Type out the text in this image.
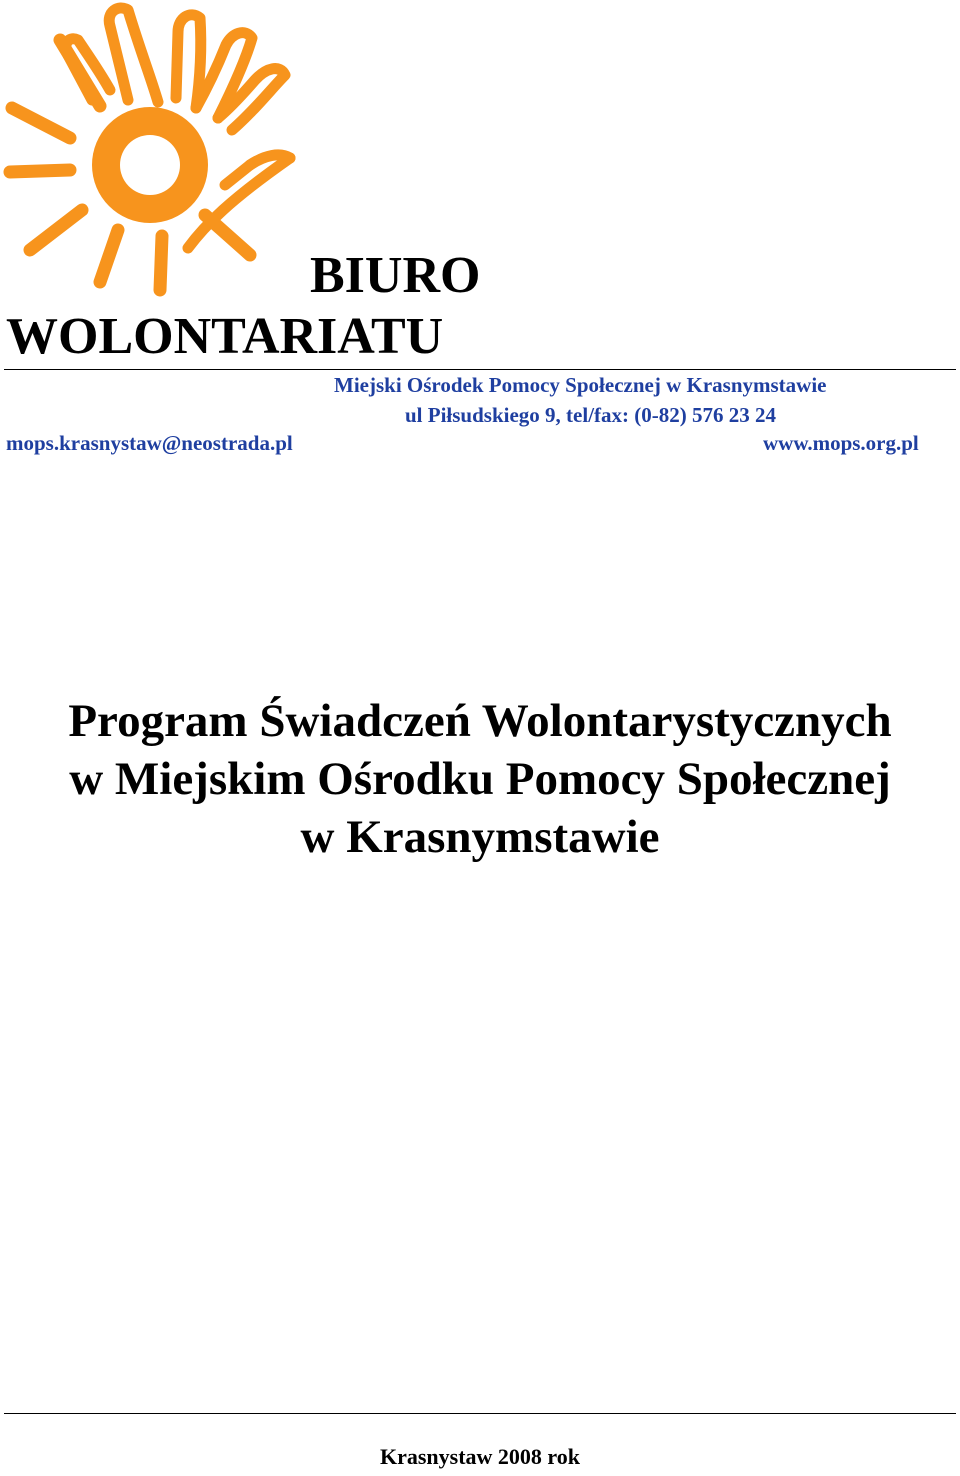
BIURO
WOLONTARIATU
Miejski Ośrodek Pomocy Społecznej w Krasnymstawie
ul Piłsudskiego 9, tel/fax: (0-82) 576 23 24
mops.krasnystaw@neostrada.pl	www.mops.org.pl
Program Świadczeń Wolontarystycznych
w Miejskim Ośrodku Pomocy Społecznej
w Krasnymstawie
Krasnystaw 2008 rok
